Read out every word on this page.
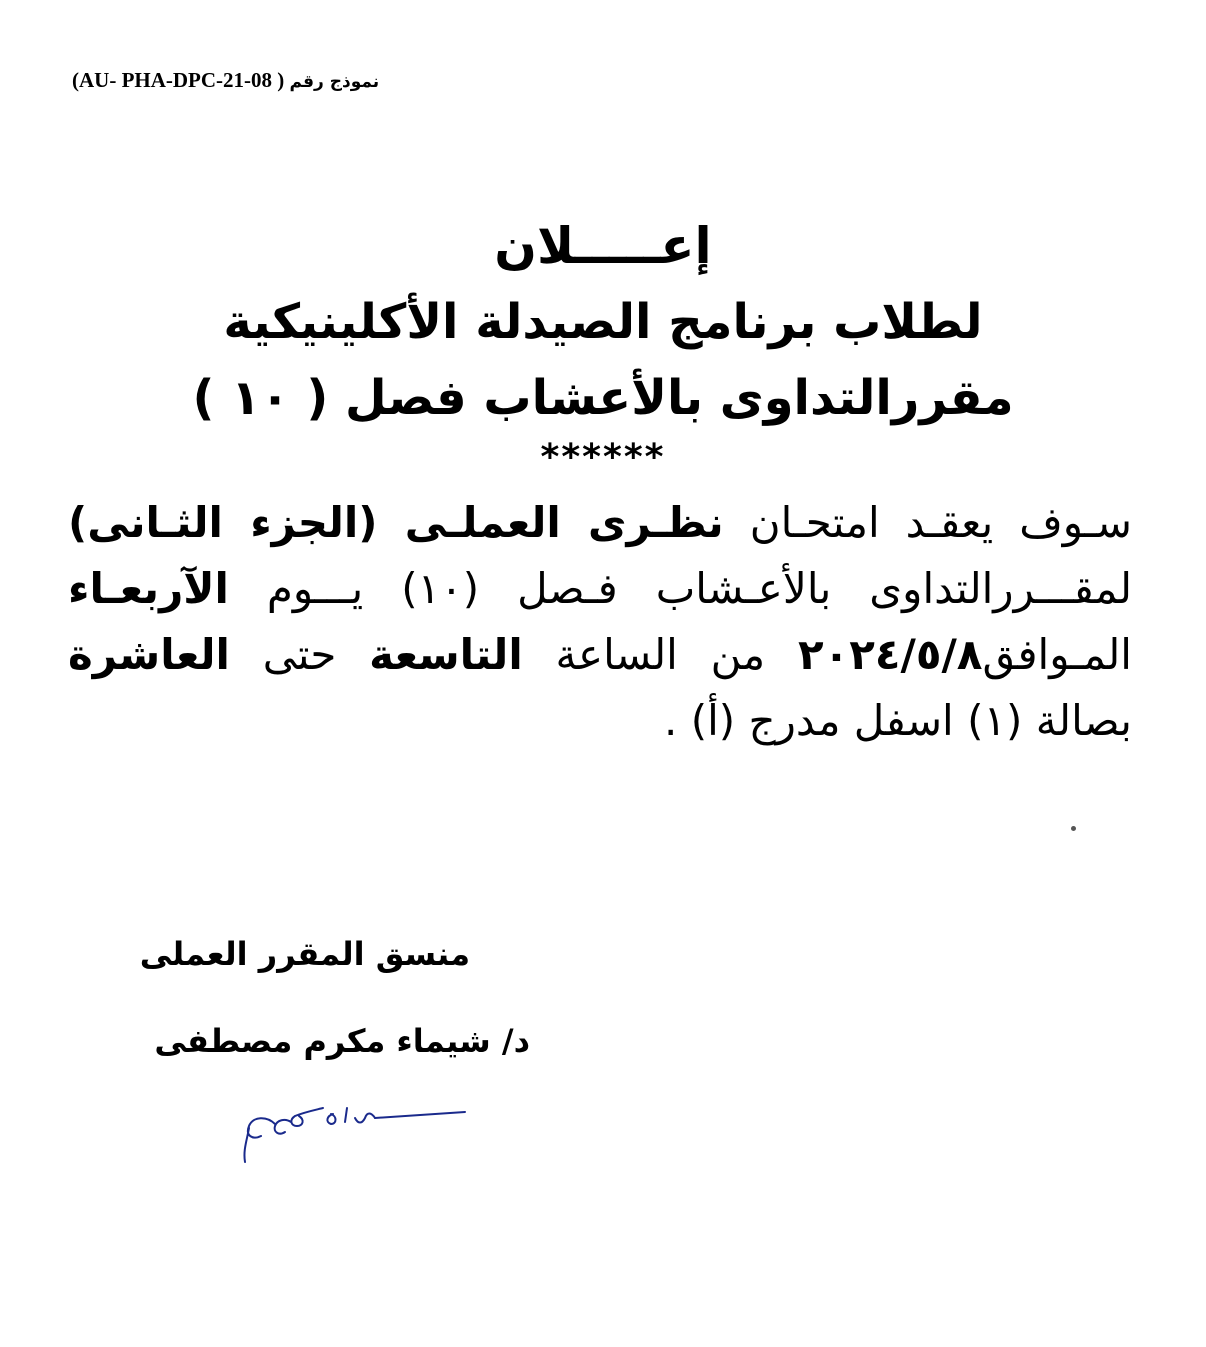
نموذج رقم ( AU- PHA-DPC-21-08)
إعـــــلان
لطلاب برنامج الصيدلة الأكلينيكية
مقررالتداوى بالأعشاب فصل ( ١٠ )
******
سـوف يعقـد امتحـان نظـرى العملـى (الجزء الثـانى) لمقـــررالتداوى بالأعـشاب فـصل (١٠) يـــوم الآربعـاء المـوافق٢٠٢٤/٥/٨ من الساعة التاسعة حتى العاشرة بصالة (١) اسفل مدرج (أ) .
منسق المقرر العملى
د/ شيماء مكرم مصطفى
